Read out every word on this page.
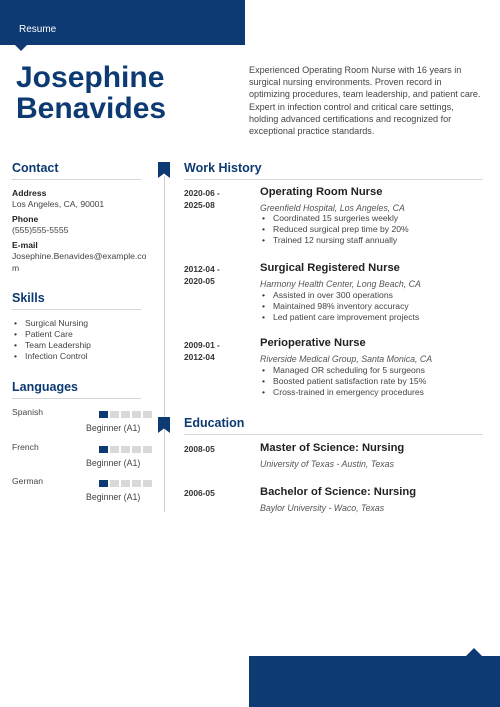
Resume
Josephine
Benavides
Experienced Operating Room Nurse with 16 years in surgical nursing environments. Proven record in optimizing procedures, team leadership, and patient care. Expert in infection control and critical care settings, holding advanced certifications and recognized for exceptional practice standards.
Contact
Address
Los Angeles, CA, 90001
Phone
(555)555-5555
E-mail
Josephine.Benavides@example.com
Skills
• Surgical Nursing
• Patient Care
• Team Leadership
• Infection Control
Languages
Spanish
Beginner (A1)
French
Beginner (A1)
German
Beginner (A1)
Work History
2020-06 -
2025-08
Operating Room Nurse
Greenfield Hospital, Los Angeles, CA
• Coordinated 15 surgeries weekly
• Reduced surgical prep time by 20%
• Trained 12 nursing staff annually
2012-04 -
2020-05
Surgical Registered Nurse
Harmony Health Center, Long Beach, CA
• Assisted in over 300 operations
• Maintained 98% inventory accuracy
• Led patient care improvement projects
2009-01 -
2012-04
Perioperative Nurse
Riverside Medical Group, Santa Monica, CA
• Managed OR scheduling for 5 surgeons
• Boosted patient satisfaction rate by 15%
• Cross-trained in emergency procedures
Education
2008-05	Master of Science: Nursing
University of Texas - Austin, Texas
2006-05	Bachelor of Science: Nursing
Baylor University - Waco, Texas
